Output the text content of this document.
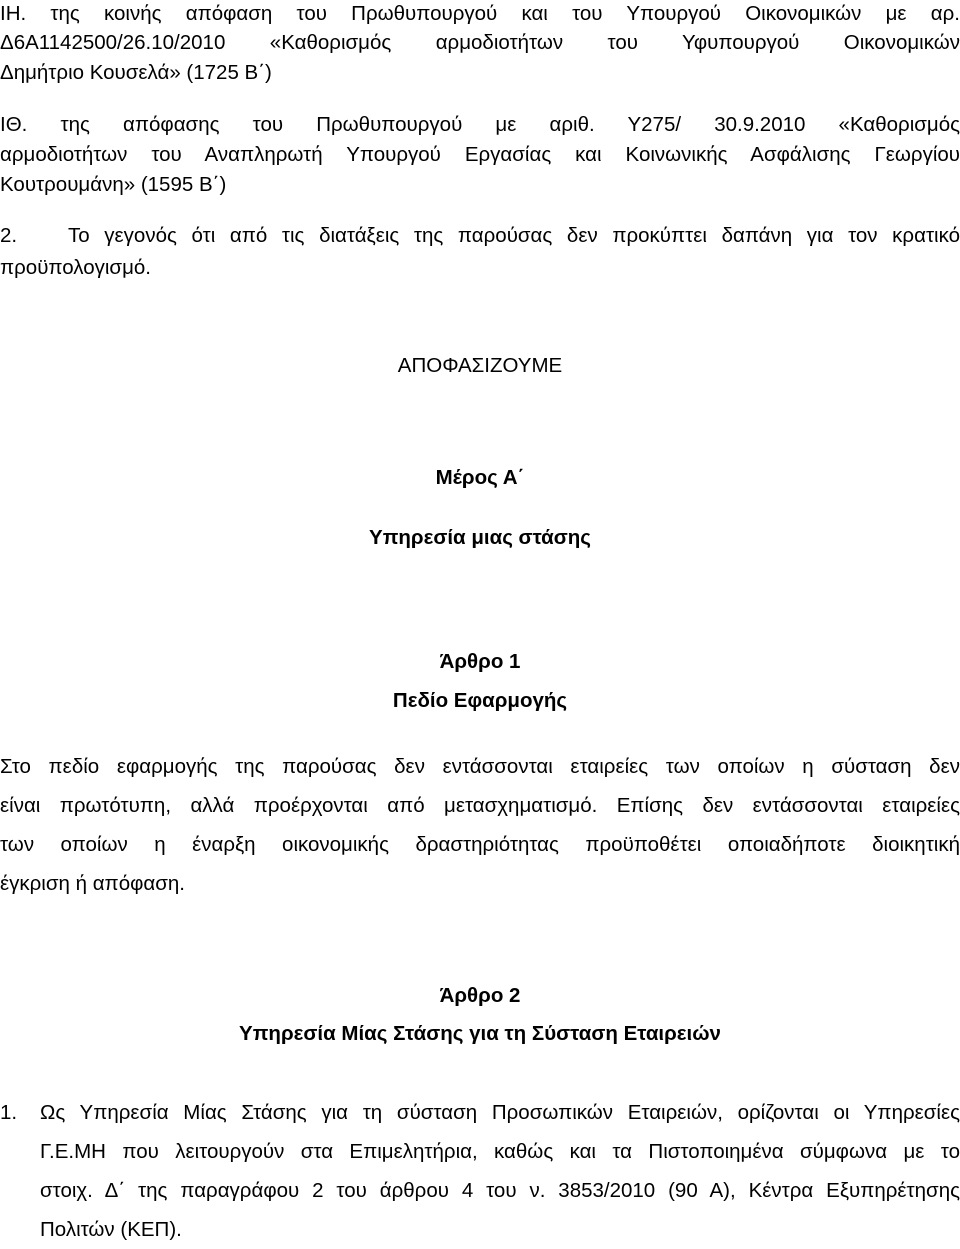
ΙΗ. της κοινής απόφαση του Πρωθυπουργού και του Υπουργού Οικονομικών με αρ.
Δ6Α1142500/26.10/2010 «Καθορισμός αρμοδιοτήτων του Υφυπουργού Οικονομικών
Δημήτριο Κουσελά» (1725 Β΄)
ΙΘ. της απόφασης του Πρωθυπουργού με αριθ. Υ275/ 30.9.2010 «Καθορισμός
αρμοδιοτήτων του Αναπληρωτή Υπουργού Εργασίας και Κοινωνικής Ασφάλισης Γεωργίου
Κουτρουμάνη» (1595 Β΄)
2.	Το γεγονός ότι από τις διατάξεις της παρούσας δεν προκύπτει δαπάνη για τον κρατικό
προϋπολογισμό.
ΑΠΟΦΑΣΙΖΟΥΜΕ
Μέρος Α΄
Υπηρεσία μιας στάσης
Άρθρο 1
Πεδίο Εφαρμογής
Στο πεδίο εφαρμογής της παρούσας δεν εντάσσονται εταιρείες των οποίων η σύσταση δεν
είναι πρωτότυπη, αλλά προέρχονται από μετασχηματισμό. Επίσης δεν εντάσσονται εταιρείες
των οποίων η έναρξη οικονομικής δραστηριότητας προϋποθέτει οποιαδήποτε διοικητική
έγκριση ή απόφαση.
Άρθρο 2
Υπηρεσία Μίας Στάσης για τη Σύσταση Εταιρειών
1. Ως Υπηρεσία Μίας Στάσης για τη σύσταση Προσωπικών Εταιρειών, ορίζονται οι Υπηρεσίες
Γ.Ε.ΜΗ που λειτουργούν στα Επιμελητήρια, καθώς και τα Πιστοποιημένα σύμφωνα με το
στοιχ. Δ΄ της παραγράφου 2 του άρθρου 4 του ν. 3853/2010 (90 Α), Κέντρα Εξυπηρέτησης
Πολιτών (ΚΕΠ).
